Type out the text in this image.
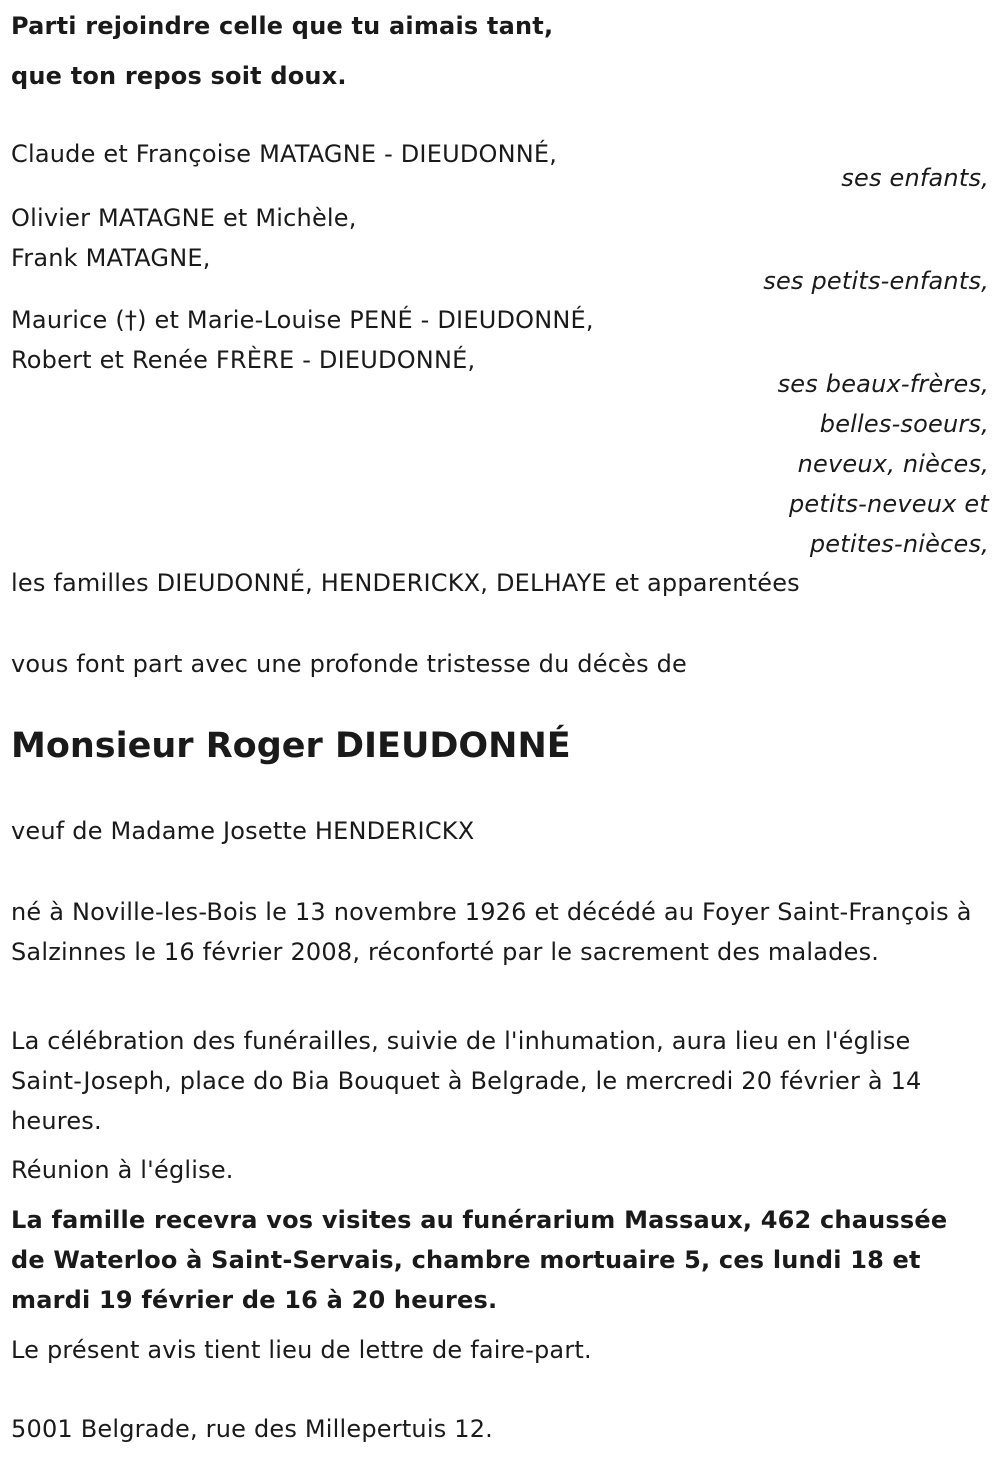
Parti rejoindre celle que tu aimais tant,
que ton repos soit doux.
Claude et Françoise MATAGNE - DIEUDONNÉ,
ses enfants,
Olivier MATAGNE et Michèle,
Frank MATAGNE,
ses petits-enfants,
Maurice (†) et Marie-Louise PENÉ - DIEUDONNÉ,
Robert et Renée FRÈRE - DIEUDONNÉ,
ses beaux-frères,
belles-soeurs,
neveux, nièces,
petits-neveux et
petites-nièces,
les familles DIEUDONNÉ, HENDERICKX, DELHAYE et apparentées
vous font part avec une profonde tristesse du décès de
Monsieur Roger DIEUDONNÉ
veuf de Madame Josette HENDERICKX
né à Noville-les-Bois le 13 novembre 1926 et décédé au Foyer Saint-François à Salzinnes le 16 février 2008, réconforté par le sacrement des malades.
La célébration des funérailles, suivie de l'inhumation, aura lieu en l'église Saint-Joseph, place do Bia Bouquet à Belgrade, le mercredi 20 février à 14 heures.
Réunion à l'église.
La famille recevra vos visites au funérarium Massaux, 462 chaussée de Waterloo à Saint-Servais, chambre mortuaire 5, ces lundi 18 et mardi 19 février de 16 à 20 heures.
Le présent avis tient lieu de lettre de faire-part.
5001 Belgrade, rue des Millepertuis 12.
